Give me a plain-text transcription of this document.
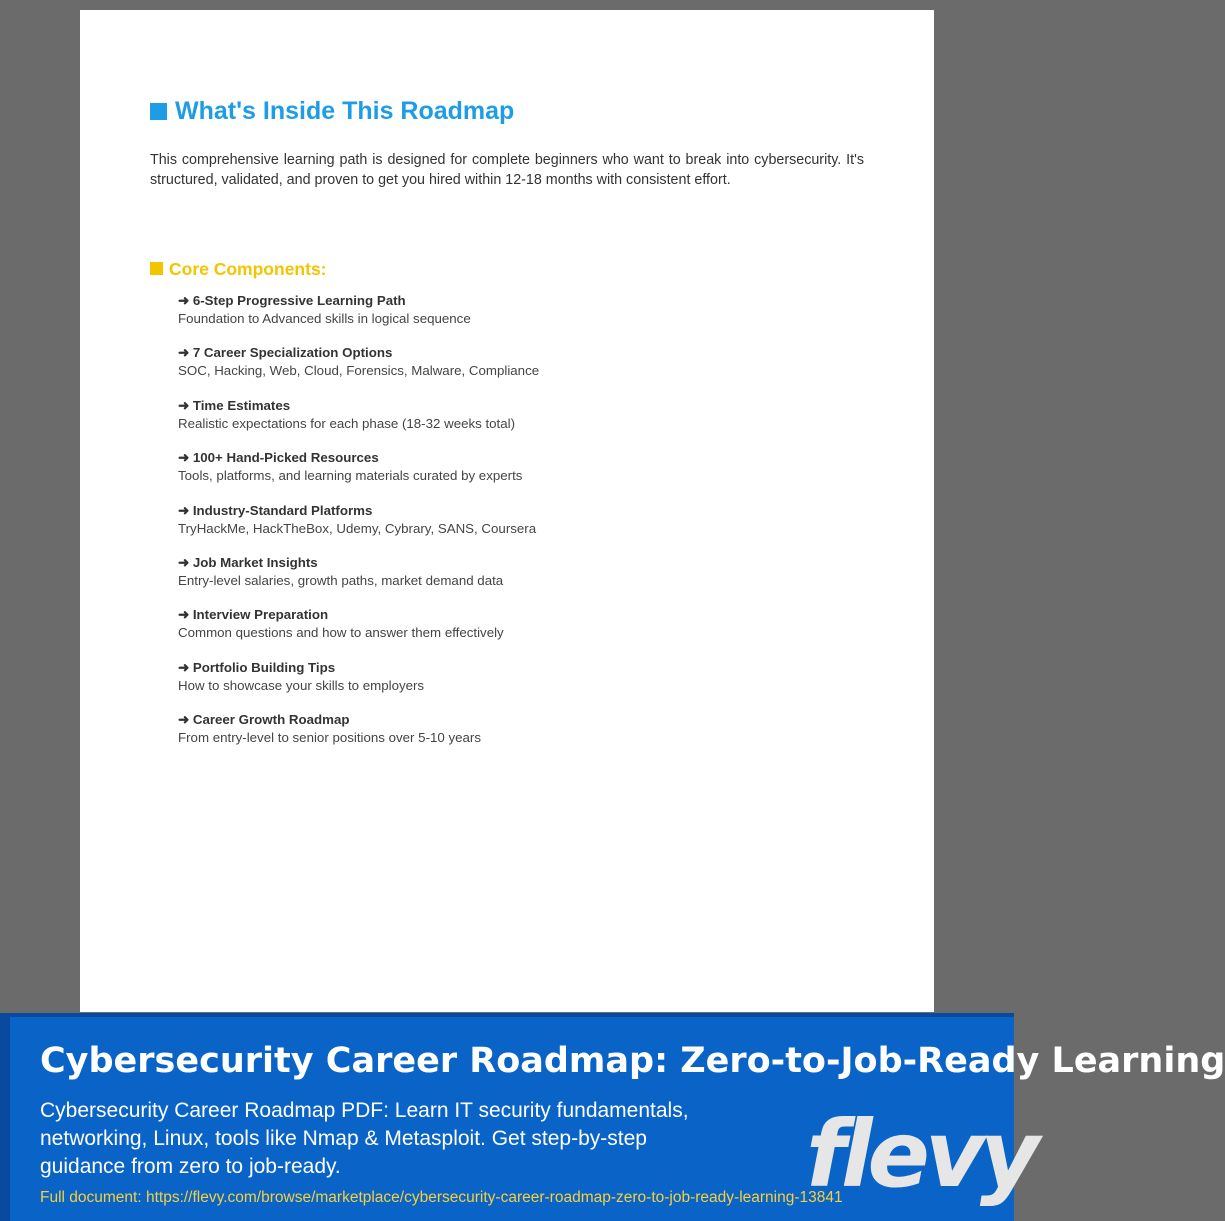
What's Inside This Roadmap

This comprehensive learning path is designed for complete beginners who want to break into cybersecurity. It's structured, validated, and proven to get you hired within 12-18 months with consistent effort.

Core Components:
➜ 6-Step Progressive Learning Path
Foundation to Advanced skills in logical sequence
➜ 7 Career Specialization Options
SOC, Hacking, Web, Cloud, Forensics, Malware, Compliance
➜ Time Estimates
Realistic expectations for each phase (18-32 weeks total)
➜ 100+ Hand-Picked Resources
Tools, platforms, and learning materials curated by experts
➜ Industry-Standard Platforms
TryHackMe, HackTheBox, Udemy, Cybrary, SANS, Coursera
➜ Job Market Insights
Entry-level salaries, growth paths, market demand data
➜ Interview Preparation
Common questions and how to answer them effectively
➜ Portfolio Building Tips
How to showcase your skills to employers
➜ Career Growth Roadmap
From entry-level to senior positions over 5-10 years
Cybersecurity Career Roadmap: Zero-to-Job-Ready Learning

Cybersecurity Career Roadmap PDF: Learn IT security fundamentals, networking, Linux, tools like Nmap & Metasploit. Get step-by-step guidance from zero to job-ready.	flevy

Full document: https://flevy.com/browse/marketplace/cybersecurity-career-roadmap-zero-to-job-ready-learning-13841
